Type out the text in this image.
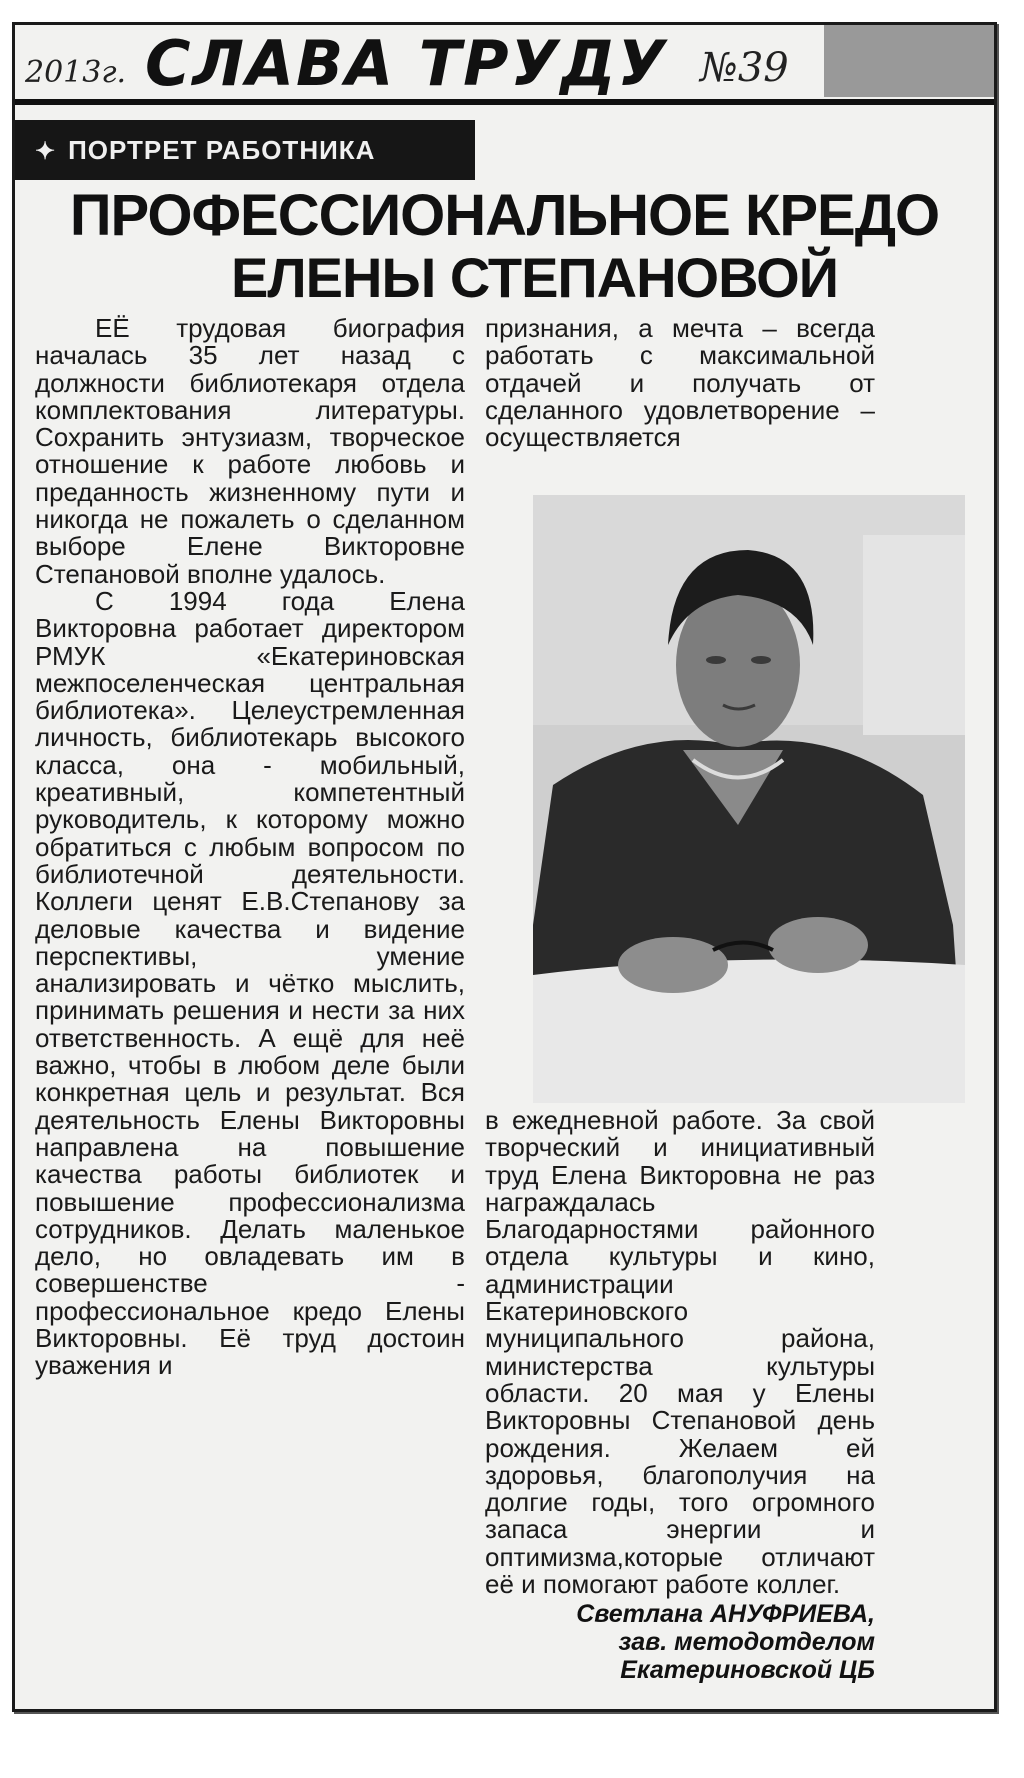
2013г. СЛАВА ТРУДУ №39
✦ ПОРТРЕТ РАБОТНИКА
ПРОФЕССИОНАЛЬНОЕ КРЕДО
ЕЛЕНЫ СТЕПАНОВОЙ

ЕЁ трудовая биография началась 35 лет назад с должности библиотекаря отдела комплектования литературы. Сохранить энтузиазм, творческое отношение к работе любовь и преданность жизненному пути и никогда не пожалеть о сделанном выборе Елене Викторовне Степановой вполне удалось.

С 1994 года Елена Викторовна работает директором РМУК «Екатериновская межпоселенческая центральная библиотека». Целеустремленная личность, библиотекарь высокого класса, она - мобильный, креативный, компетентный руководитель, к которому можно обратиться с любым вопросом по библиотечной деятельности. Коллеги ценят Е.В.Степанову за деловые качества и видение перспективы, умение анализировать и чётко мыслить, принимать решения и нести за них ответственность. А ещё для неё важно, чтобы в любом деле были конкретная цель и результат. Вся деятельность Елены Викторовны направлена на повышение качества работы библиотек и повышение профессионализма сотрудников. Делать маленькое дело, но овладевать им в совершенстве - профессиональное кредо Елены Викторовны. Её труд достоин уважения и

признания, а мечта – всегда работать с максимальной отдачей и получать от сделанного удовлетворение – осуществляется

в ежедневной работе. За свой творческий и инициативный труд Елена Викторовна не раз награждалась Благодарностями районного отдела культуры и кино, администрации Екатериновского муниципального района, министерства культуры области. 20 мая у Елены Викторовны Степановой день рождения. Желаем ей здоровья, благополучия на долгие годы, того огромного запаса энергии и оптимизма,которые отличают её и помогают работе коллег.

Светлана АНУФРИЕВА,
зав. методотделом
Екатериновской ЦБ
